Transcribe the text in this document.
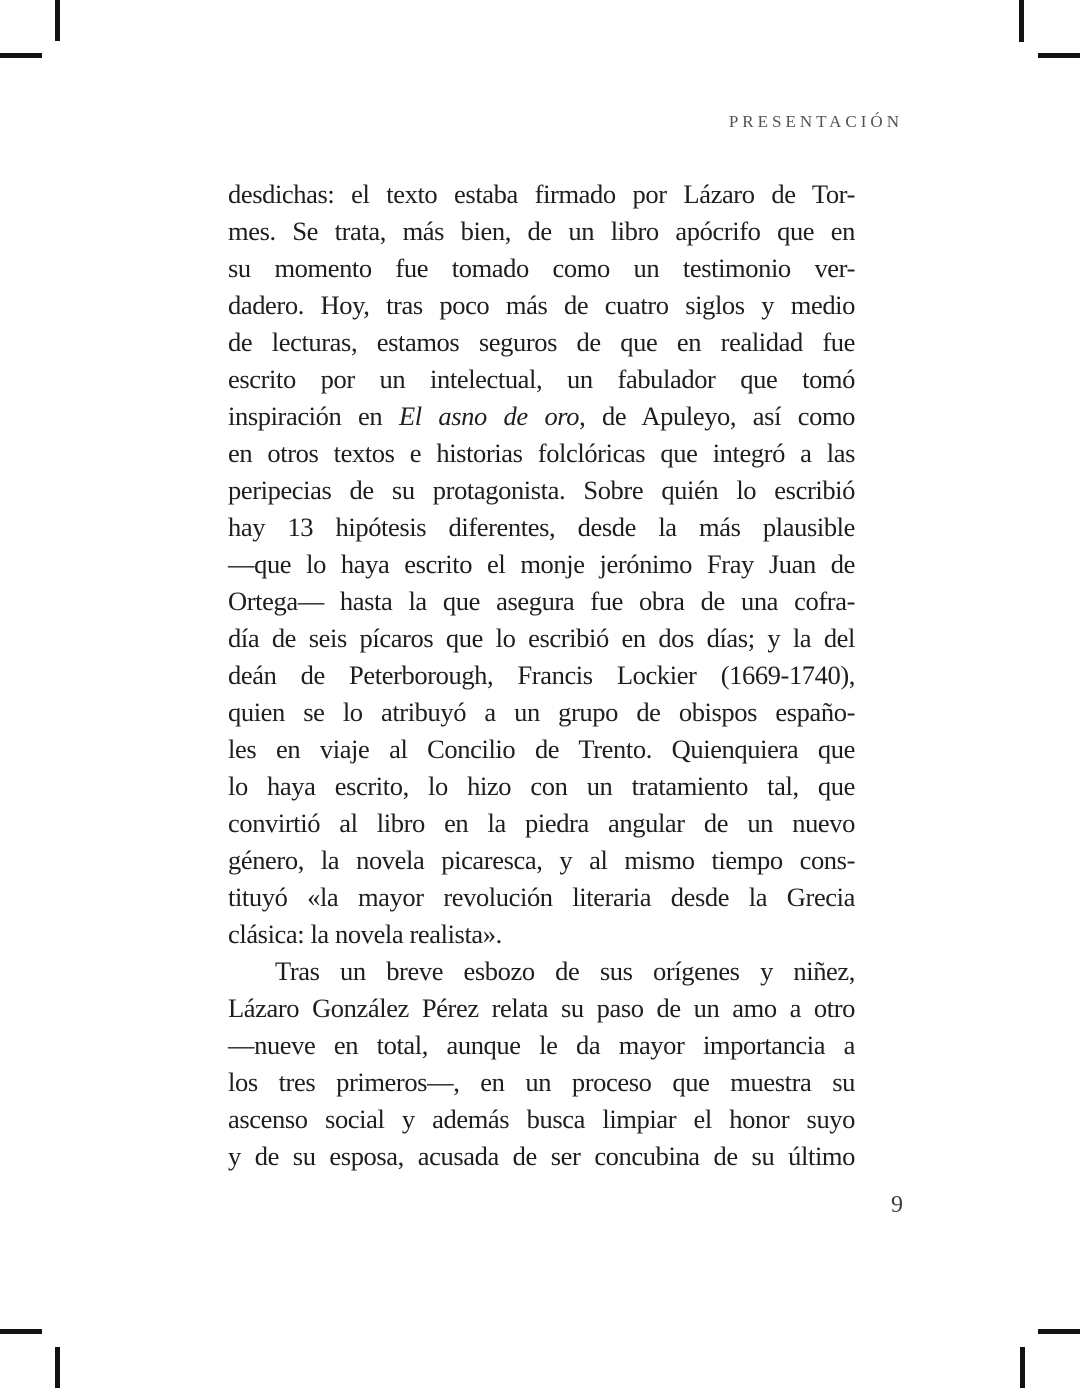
PRESENTACIÓN
desdichas: el texto estaba firmado por Lázaro de Tor-
mes. Se trata, más bien, de un libro apócrifo que en
su momento fue tomado como un testimonio ver-
dadero. Hoy, tras poco más de cuatro siglos y medio
de lecturas, estamos seguros de que en realidad fue
escrito por un intelectual, un fabulador que tomó
inspiración en El asno de oro, de Apuleyo, así como
en otros textos e historias folclóricas que integró a las
peripecias de su protagonista. Sobre quién lo escribió
hay 13 hipótesis diferentes, desde la más plausible
—que lo haya escrito el monje jerónimo Fray Juan de
Ortega— hasta la que asegura fue obra de una cofra-
día de seis pícaros que lo escribió en dos días; y la del
deán de Peterborough, Francis Lockier (1669-1740),
quien se lo atribuyó a un grupo de obispos españo-
les en viaje al Concilio de Trento. Quienquiera que
lo haya escrito, lo hizo con un tratamiento tal, que
convirtió al libro en la piedra angular de un nuevo
género, la novela picaresca, y al mismo tiempo cons-
tituyó «la mayor revolución literaria desde la Grecia
clásica: la novela realista».
Tras un breve esbozo de sus orígenes y niñez,
Lázaro González Pérez relata su paso de un amo a otro
—nueve en total, aunque le da mayor importancia a
los tres primeros—, en un proceso que muestra su
ascenso social y además busca limpiar el honor suyo
y de su esposa, acusada de ser concubina de su último
9
